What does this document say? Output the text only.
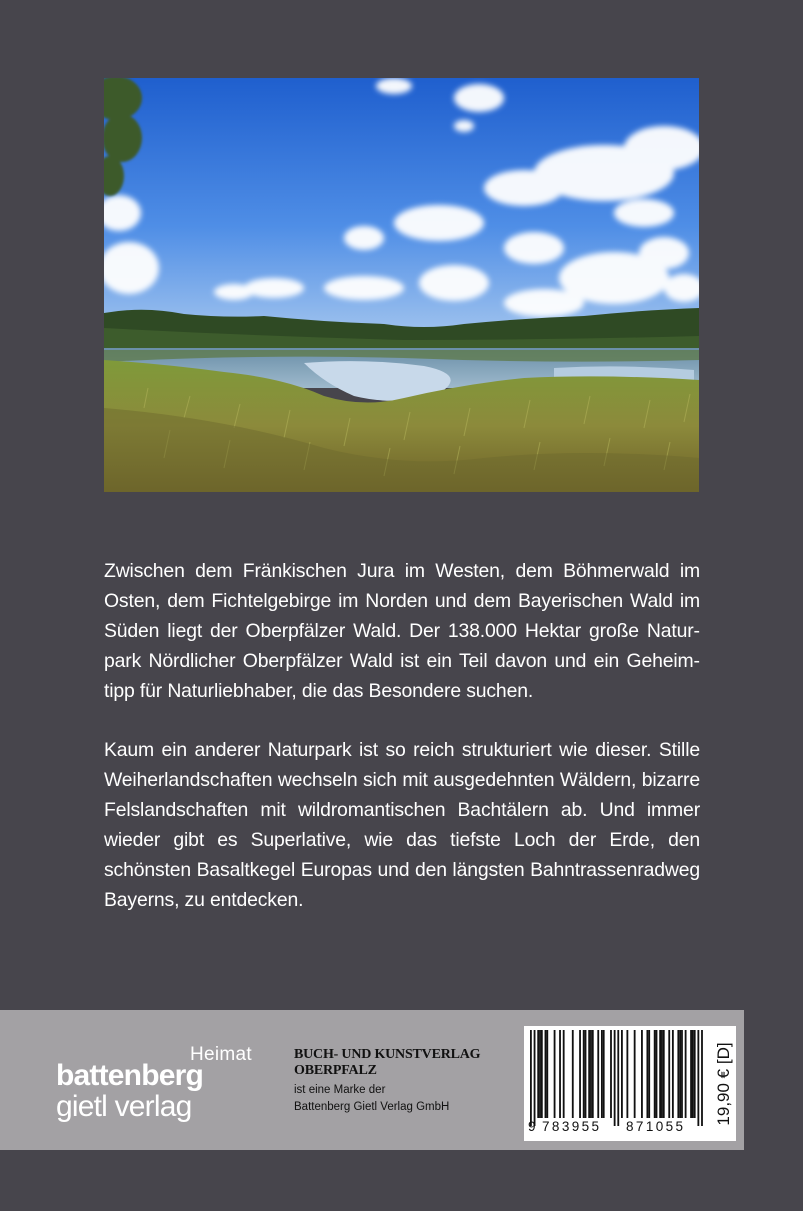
Zwischen dem Fränkischen Jura im Westen, dem Böhmerwald im Osten, dem Fichtelgebirge im Norden und dem Bayerischen Wald im Süden liegt der Oberpfälzer Wald. Der 138.000 Hektar große Naturpark Nördlicher Oberpfälzer Wald ist ein Teil davon und ein Geheimtipp für Naturliebhaber, die das Besondere suchen.

Kaum ein anderer Naturpark ist so reich strukturiert wie dieser. Stille Weiherlandschaften wechseln sich mit ausgedehnten Wäldern, bizarre Felslandschaften mit wildromantischen Bachtälern ab. Und immer wieder gibt es Superlative, wie das tiefste Loch der Erde, den schönsten Basaltkegel Europas und den längsten Bahntrassenradweg Bayerns, zu entdecken.

Heimat
battenberg
gietl verlag
BUCH- UND KUNSTVERLAG
OBERPFALZ
ist eine Marke der
Battenberg Gietl Verlag GmbH
9 783955 871055
19,90 € [D]
